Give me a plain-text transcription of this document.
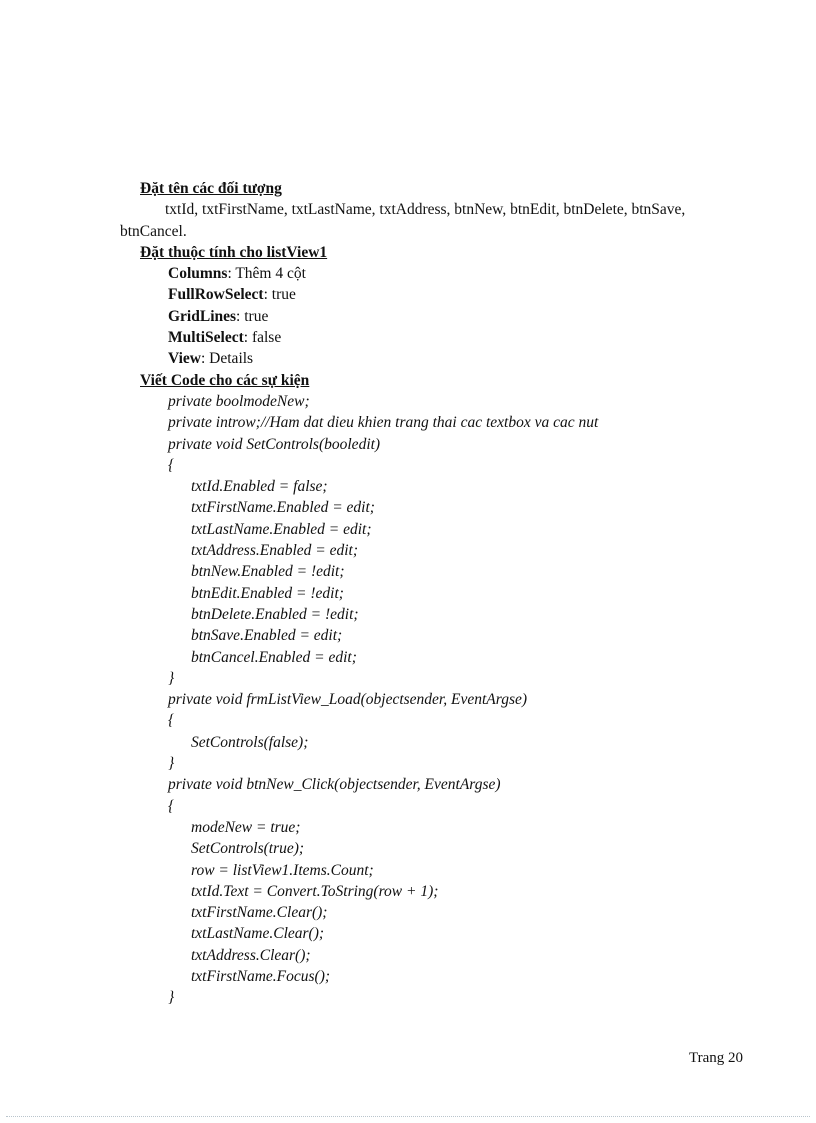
Đặt tên các đối tượng
txtId, txtFirstName, txtLastName, txtAddress, btnNew, btnEdit, btnDelete, btnSave, btnCancel.
Đặt thuộc tính cho listView1
Columns: Thêm 4 cột
FullRowSelect: true
GridLines: true
MultiSelect: false
View: Details
Viết Code cho các sự kiện
private boolmodeNew;
private introw;//Ham dat dieu khien trang thai cac textbox va cac nut
private void SetControls(booledit)
{
txtId.Enabled = false;
txtFirstName.Enabled = edit;
txtLastName.Enabled = edit;
txtAddress.Enabled = edit;
btnNew.Enabled = !edit;
btnEdit.Enabled = !edit;
btnDelete.Enabled = !edit;
btnSave.Enabled = edit;
btnCancel.Enabled = edit;
}
private void frmListView_Load(objectsender, EventArgse)
{
SetControls(false);
}
private void btnNew_Click(objectsender, EventArgse)
{
modeNew = true;
SetControls(true);
row = listView1.Items.Count;
txtId.Text = Convert.ToString(row + 1);
txtFirstName.Clear();
txtLastName.Clear();
txtAddress.Clear();
txtFirstName.Focus();
}
Trang 20
